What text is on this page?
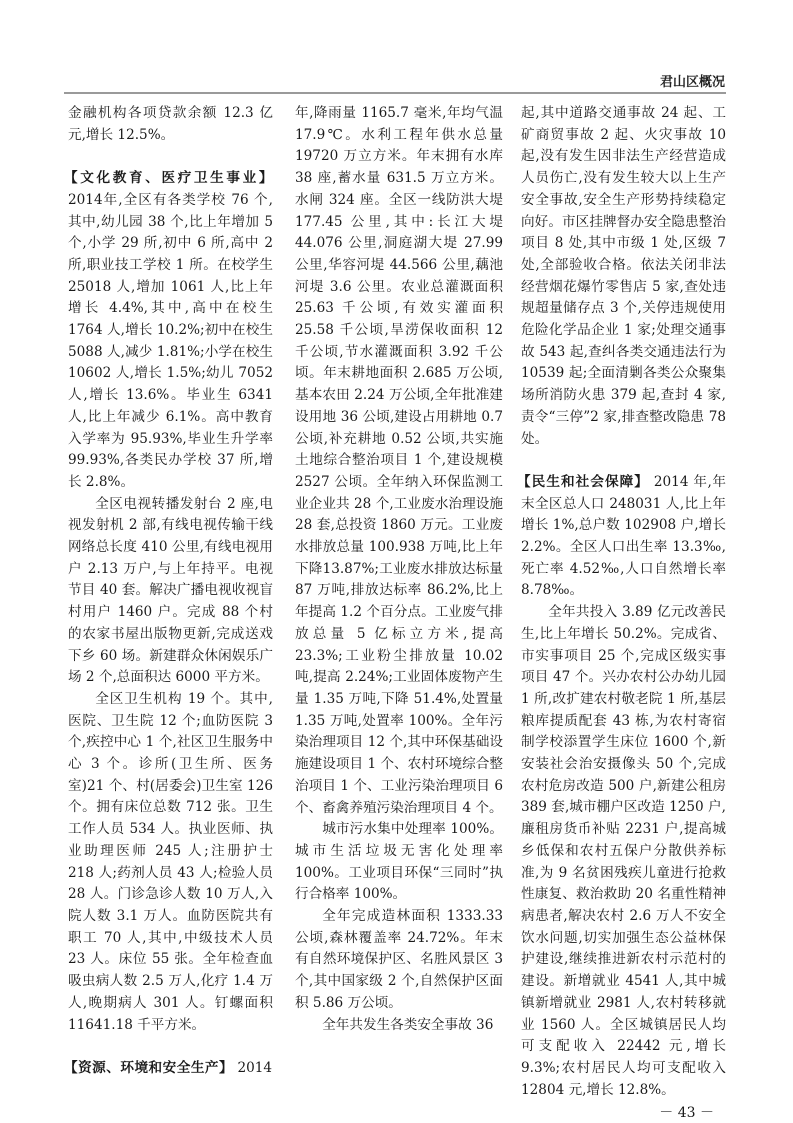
君山区概况

金融机构各项贷款余额 12.3 亿元,增长 12.5%。

【文化教育、医疗卫生事业】 2014年,全区有各类学校 76 个,其中,幼儿园 38 个,比上年增加 5 个,小学 29 所,初中 6 所,高中 2 所,职业技工学校 1 所。在校学生 25018 人,增加 1061 人,比上年增长 4.4%,其中,高中在校生 1764 人,增长 10.2%;初中在校生 5088 人,减少 1.81%;小学在校生 10602 人,增长 1.5%;幼儿 7052 人,增长 13.6%。毕业生 6341 人,比上年减少 6.1%。高中教育入学率为 95.93%,毕业生升学率 99.93%,各类民办学校 37 所,增长 2.8%。

全区电视转播发射台 2 座,电视发射机 2 部,有线电视传输干线网络总长度 410 公里,有线电视用户 2.13 万户,与上年持平。电视节目 40 套。解决广播电视收视盲村用户 1460 户。完成 88 个村的农家书屋出版物更新,完成送戏下乡 60 场。新建群众休闲娱乐广场 2 个,总面积达 6000 平方米。

全区卫生机构 19 个。其中,医院、卫生院 12 个;血防医院 3 个,疾控中心 1 个,社区卫生服务中心 3 个。诊所(卫生所、医务室)21 个、村(居委会)卫生室 126 个。拥有床位总数 712 张。卫生工作人员 534 人。执业医师、执业助理医师 245 人;注册护士 218 人;药剂人员 43 人;检验人员 28 人。门诊急诊人数 10 万人,入院人数 3.1 万人。血防医院共有职工 70 人,其中,中级技术人员 23 人。床位 55 张。全年检查血吸虫病人数 2.5 万人,化疗 1.4 万人,晚期病人 301 人。钉螺面积 11641.18 千平方米。

【资源、环境和安全生产】 2014

年,降雨量 1165.7 毫米,年均气温 17.9℃。水利工程年供水总量 19720 万立方米。年末拥有水库 38 座,蓄水量 631.5 万立方米。水闸 324 座。全区一线防洪大堤 177.45 公里,其中:长江大堤 44.076 公里,洞庭湖大堤 27.99 公里,华容河堤 44.566 公里,藕池河堤 3.6 公里。农业总灌溉面积 25.63 千公顷,有效实灌面积 25.58 千公顷,旱涝保收面积 12 千公顷,节水灌溉面积 3.92 千公顷。年末耕地面积 2.685 万公顷,基本农田 2.24 万公顷,全年批准建设用地 36 公顷,建设占用耕地 0.7 公顷,补充耕地 0.52 公顷,共实施土地综合整治项目 1 个,建设规模 2527 公顷。全年纳入环保监测工业企业共 28 个,工业废水治理设施 28 套,总投资 1860 万元。工业废水排放总量 100.938 万吨,比上年下降13.87%;工业废水排放达标量 87 万吨,排放达标率 86.2%,比上年提高 1.2 个百分点。工业废气排放总量 5 亿标立方米,提高 23.3%;工业粉尘排放量 10.02 吨,提高 2.24%;工业固体废物产生量 1.35 万吨,下降 51.4%,处置量 1.35 万吨,处置率 100%。全年污染治理项目 12 个,其中环保基础设施建设项目 1 个、农村环境综合整治项目 1 个、工业污染治理项目 6 个、畜禽养殖污染治理项目 4 个。

城市污水集中处理率 100%。城市生活垃圾无害化处理率 100%。工业项目环保“三同时”执行合格率 100%。

全年完成造林面积 1333.33 公顷,森林覆盖率 24.72%。年末有自然环境保护区、名胜风景区 3 个,其中国家级 2 个,自然保护区面积 5.86 万公顷。

全年共发生各类安全事故 36

起,其中道路交通事故 24 起、工矿商贸事故 2 起、火灾事故 10 起,没有发生因非法生产经营造成人员伤亡,没有发生较大以上生产安全事故,安全生产形势持续稳定向好。市区挂牌督办安全隐患整治项目 8 处,其中市级 1 处,区级 7 处,全部验收合格。依法关闭非法经营烟花爆竹零售店 5 家,查处违规超量储存点 3 个,关停违规使用危险化学品企业 1 家;处理交通事故 543 起,查纠各类交通违法行为 10539 起;全面清剿各类公众聚集场所消防火患 379 起,查封 4 家,责令“三停”2 家,排查整改隐患 78处。

【民生和社会保障】 2014 年,年末全区总人口 248031 人,比上年增长 1%,总户数 102908 户,增长 2.2%。全区人口出生率 13.3‰,死亡率 4.52‰,人口自然增长率 8.78‰。

全年共投入 3.89 亿元改善民生,比上年增长 50.2%。完成省、市实事项目 25 个,完成区级实事项目 47 个。兴办农村公办幼儿园 1 所,改扩建农村敬老院 1 所,基层粮库提质配套 43 栋,为农村寄宿制学校添置学生床位 1600 个,新安装社会治安摄像头 50 个,完成农村危房改造 500 户,新建公租房 389 套,城市棚户区改造 1250 户,廉租房货币补贴 2231 户,提高城乡低保和农村五保户分散供养标准,为 9 名贫困残疾儿童进行抢救性康复、救治救助 20 名重性精神病患者,解决农村 2.6 万人不安全饮水问题,切实加强生态公益林保护建设,继续推进新农村示范村的建设。新增就业 4541 人,其中城镇新增就业 2981 人,农村转移就业 1560 人。全区城镇居民人均可支配收入 22442 元,增长 9.3%;农村居民人均可支配收入 12804 元,增长 12.8%。

－ 43 －
